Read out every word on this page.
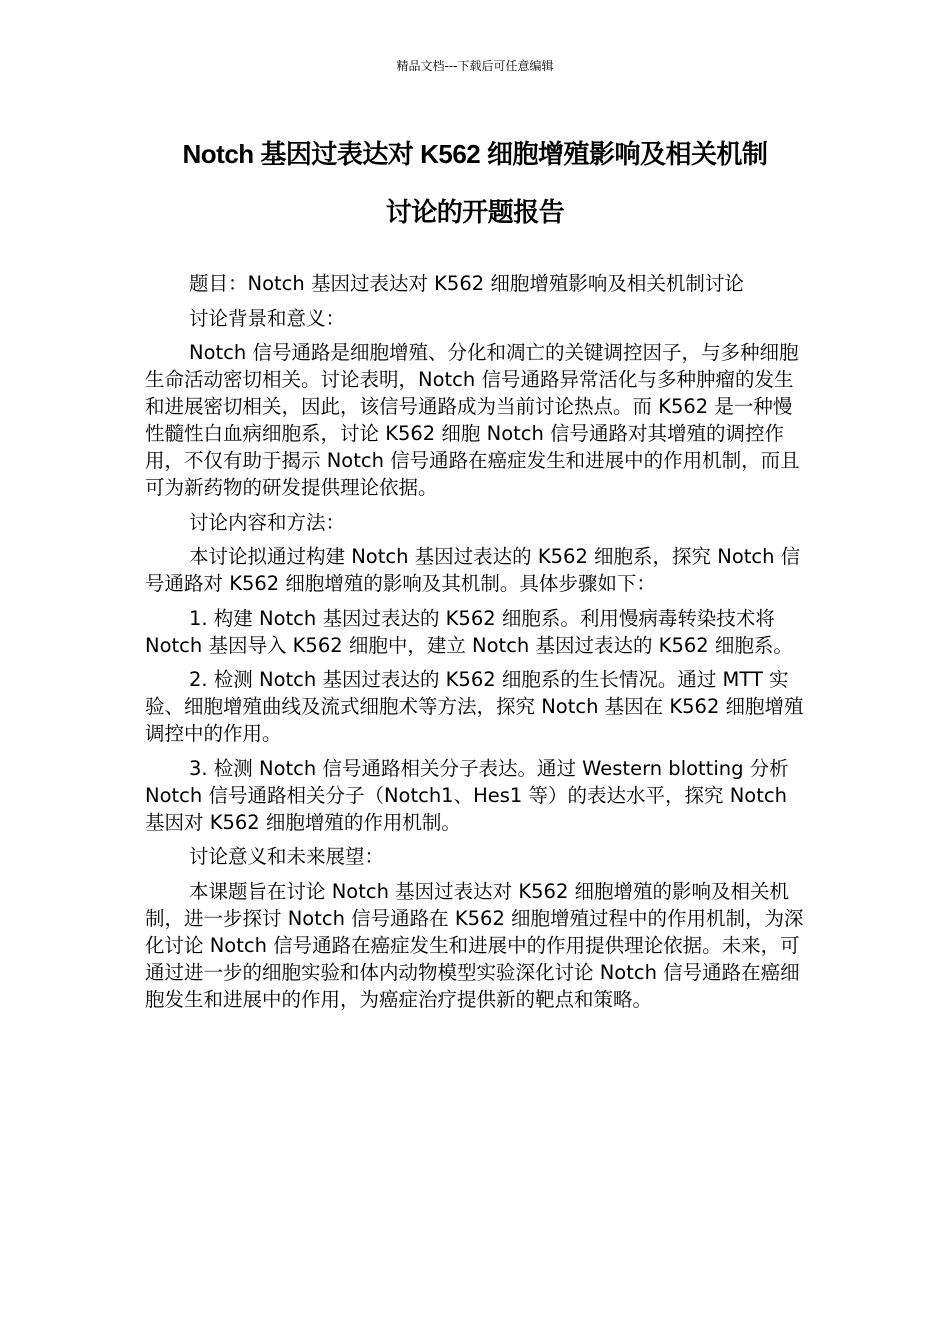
精品文档---下载后可任意编辑
Notch 基因过表达对 K562 细胞增殖影响及相关机制
讨论的开题报告

题目：Notch 基因过表达对 K562 细胞增殖影响及相关机制讨论

讨论背景和意义：

Notch 信号通路是细胞增殖、分化和凋亡的关键调控因子，与多种细胞生命活动密切相关。讨论表明，Notch 信号通路异常活化与多种肿瘤的发生和进展密切相关，因此，该信号通路成为当前讨论热点。而 K562 是一种慢性髓性白血病细胞系，讨论 K562 细胞 Notch 信号通路对其增殖的调控作用，不仅有助于揭示 Notch 信号通路在癌症发生和进展中的作用机制，而且可为新药物的研发提供理论依据。

讨论内容和方法：

本讨论拟通过构建 Notch 基因过表达的 K562 细胞系，探究 Notch 信号通路对 K562 细胞增殖的影响及其机制。具体步骤如下：

1. 构建 Notch 基因过表达的 K562 细胞系。利用慢病毒转染技术将 Notch 基因导入 K562 细胞中，建立 Notch 基因过表达的 K562 细胞系。

2. 检测 Notch 基因过表达的 K562 细胞系的生长情况。通过 MTT 实验、细胞增殖曲线及流式细胞术等方法，探究 Notch 基因在 K562 细胞增殖调控中的作用。

3. 检测 Notch 信号通路相关分子表达。通过 Western blotting 分析 Notch 信号通路相关分子（Notch1、Hes1 等）的表达水平，探究 Notch 基因对 K562 细胞增殖的作用机制。

讨论意义和未来展望：

本课题旨在讨论 Notch 基因过表达对 K562 细胞增殖的影响及相关机制，进一步探讨 Notch 信号通路在 K562 细胞增殖过程中的作用机制，为深化讨论 Notch 信号通路在癌症发生和进展中的作用提供理论依据。未来，可通过进一步的细胞实验和体内动物模型实验深化讨论 Notch 信号通路在癌细胞发生和进展中的作用，为癌症治疗提供新的靶点和策略。
